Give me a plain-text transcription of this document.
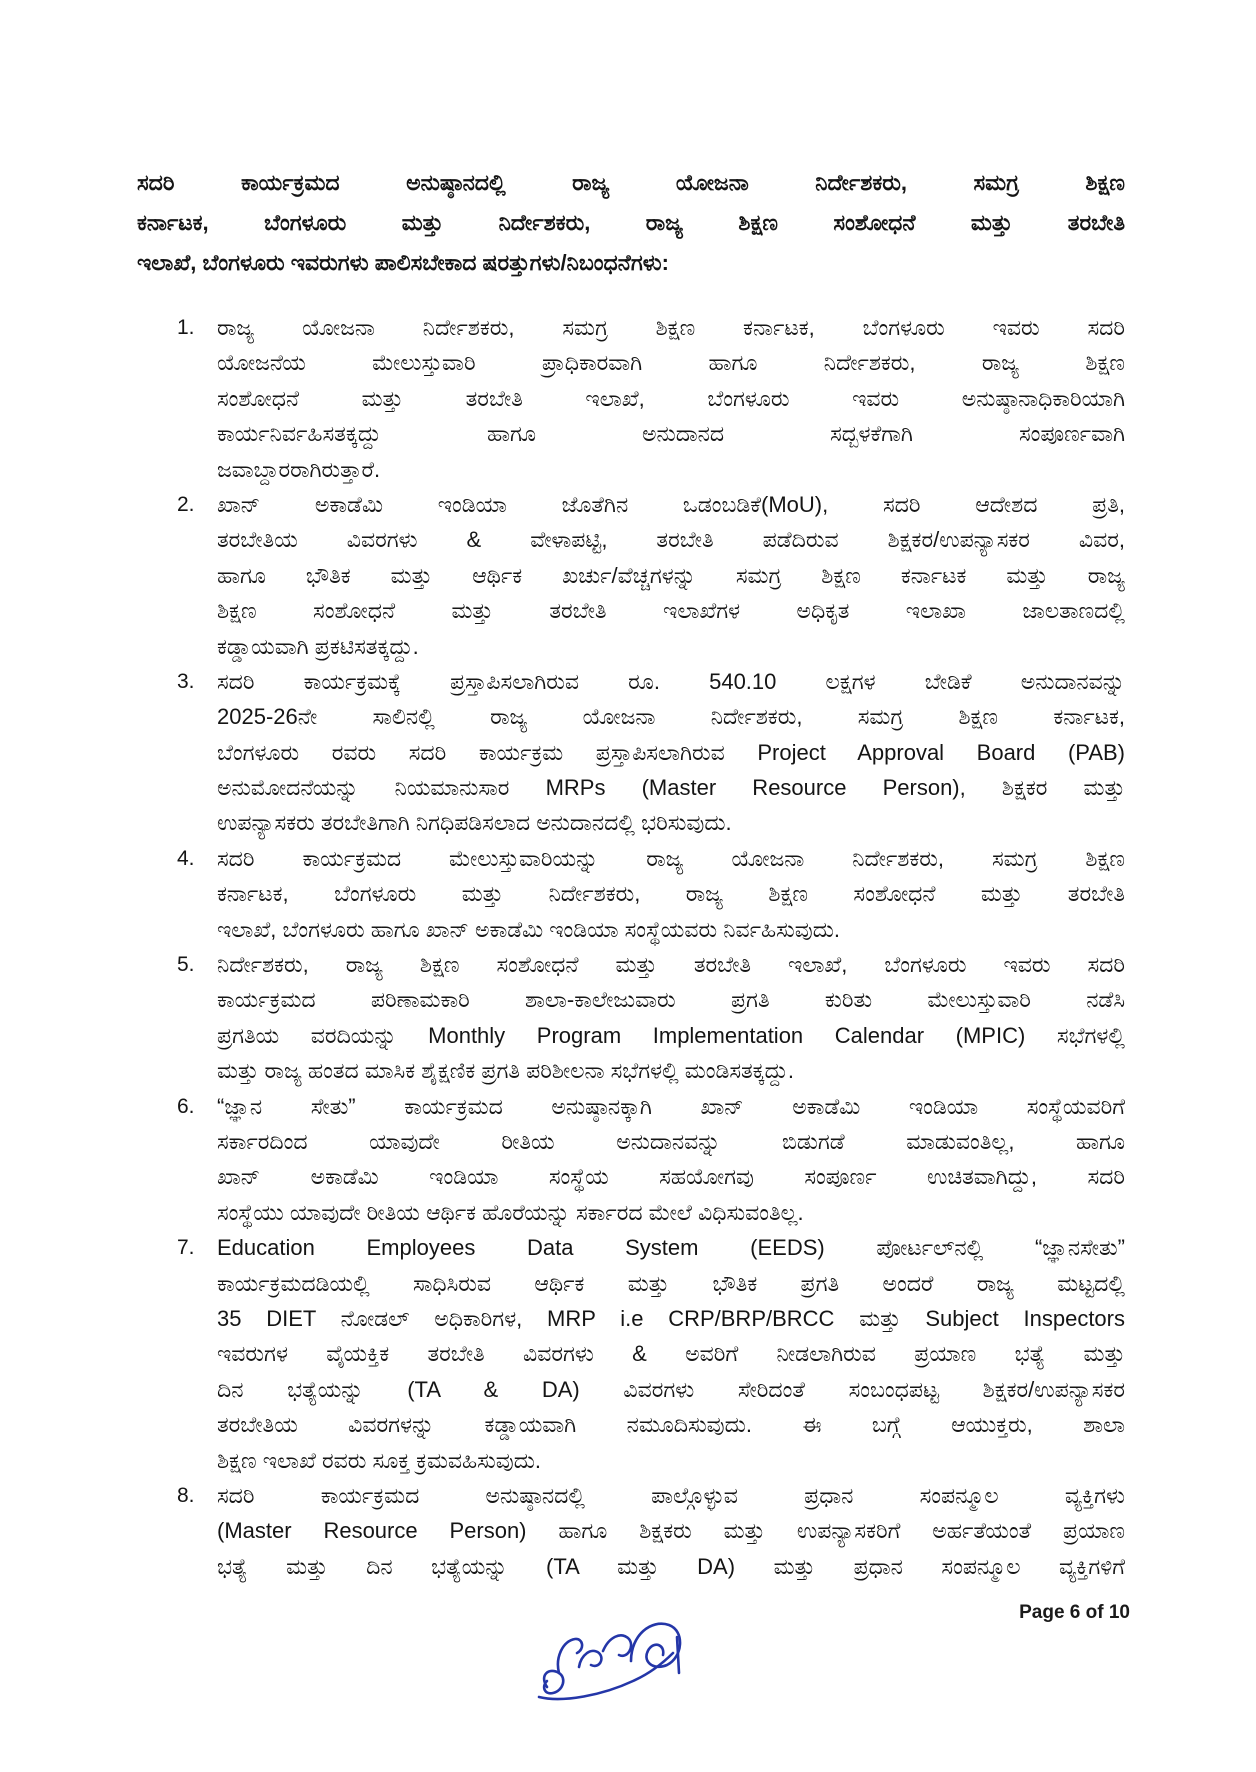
ಸದರಿ ಕಾರ್ಯಕ್ರಮದ ಅನುಷ್ಠಾನದಲ್ಲಿ ರಾಜ್ಯ ಯೋಜನಾ ನಿರ್ದೇಶಕರು, ಸಮಗ್ರ ಶಿಕ್ಷಣ
ಕರ್ನಾಟಕ, ಬೆಂಗಳೂರು ಮತ್ತು ನಿರ್ದೇಶಕರು, ರಾಜ್ಯ ಶಿಕ್ಷಣ ಸಂಶೋಧನೆ ಮತ್ತು ತರಬೇತಿ
ಇಲಾಖೆ, ಬೆಂಗಳೂರು ಇವರುಗಳು ಪಾಲಿಸಬೇಕಾದ ಷರತ್ತುಗಳು/ನಿಬಂಧನೆಗಳು:
1.	ರಾಜ್ಯ ಯೋಜನಾ ನಿರ್ದೇಶಕರು, ಸಮಗ್ರ ಶಿಕ್ಷಣ ಕರ್ನಾಟಕ, ಬೆಂಗಳೂರು ಇವರು ಸದರಿ
ಯೋಜನೆಯ ಮೇಲುಸ್ತುವಾರಿ ಪ್ರಾಧಿಕಾರವಾಗಿ ಹಾಗೂ ನಿರ್ದೇಶಕರು, ರಾಜ್ಯ ಶಿಕ್ಷಣ
ಸಂಶೋಧನೆ ಮತ್ತು ತರಬೇತಿ ಇಲಾಖೆ, ಬೆಂಗಳೂರು ಇವರು ಅನುಷ್ಠಾನಾಧಿಕಾರಿಯಾಗಿ
ಕಾರ್ಯನಿರ್ವಹಿಸತಕ್ಕದ್ದು ಹಾಗೂ ಅನುದಾನದ ಸದ್ಬಳಕೆಗಾಗಿ ಸಂಪೂರ್ಣವಾಗಿ
ಜವಾಬ್ದಾರರಾಗಿರುತ್ತಾರೆ.
2.	ಖಾನ್ ಅಕಾಡೆಮಿ ಇಂಡಿಯಾ ಜೊತೆಗಿನ ಒಡಂಬಡಿಕೆ(MoU), ಸದರಿ ಆದೇಶದ ಪ್ರತಿ,
ತರಬೇತಿಯ ವಿವರಗಳು & ವೇಳಾಪಟ್ಟಿ, ತರಬೇತಿ ಪಡೆದಿರುವ ಶಿಕ್ಷಕರ/ಉಪನ್ಯಾಸಕರ ವಿವರ,
ಹಾಗೂ ಭೌತಿಕ ಮತ್ತು ಆರ್ಥಿಕ ಖರ್ಚು/ವೆಚ್ಚಗಳನ್ನು ಸಮಗ್ರ ಶಿಕ್ಷಣ ಕರ್ನಾಟಕ ಮತ್ತು ರಾಜ್ಯ
ಶಿಕ್ಷಣ ಸಂಶೋಧನೆ ಮತ್ತು ತರಬೇತಿ ಇಲಾಖೆಗಳ ಅಧಿಕೃತ ಇಲಾಖಾ ಜಾಲತಾಣದಲ್ಲಿ
ಕಡ್ಡಾಯವಾಗಿ ಪ್ರಕಟಿಸತಕ್ಕದ್ದು.
3.	ಸದರಿ ಕಾರ್ಯಕ್ರಮಕ್ಕೆ ಪ್ರಸ್ತಾಪಿಸಲಾಗಿರುವ ರೂ. 540.10 ಲಕ್ಷಗಳ ಬೇಡಿಕೆ ಅನುದಾನವನ್ನು
2025-26ನೇ ಸಾಲಿನಲ್ಲಿ ರಾಜ್ಯ ಯೋಜನಾ ನಿರ್ದೇಶಕರು, ಸಮಗ್ರ ಶಿಕ್ಷಣ ಕರ್ನಾಟಕ,
ಬೆಂಗಳೂರು ರವರು ಸದರಿ ಕಾರ್ಯಕ್ರಮ ಪ್ರಸ್ತಾಪಿಸಲಾಗಿರುವ Project Approval Board (PAB)
ಅನುಮೋದನೆಯನ್ನು ನಿಯಮಾನುಸಾರ MRPs (Master Resource Person), ಶಿಕ್ಷಕರ ಮತ್ತು
ಉಪನ್ಯಾಸಕರು ತರಬೇತಿಗಾಗಿ ನಿಗಧಿಪಡಿಸಲಾದ ಅನುದಾನದಲ್ಲಿ ಭರಿಸುವುದು.
4.	ಸದರಿ ಕಾರ್ಯಕ್ರಮದ ಮೇಲುಸ್ತುವಾರಿಯನ್ನು ರಾಜ್ಯ ಯೋಜನಾ ನಿರ್ದೇಶಕರು, ಸಮಗ್ರ ಶಿಕ್ಷಣ
ಕರ್ನಾಟಕ, ಬೆಂಗಳೂರು ಮತ್ತು ನಿರ್ದೇಶಕರು, ರಾಜ್ಯ ಶಿಕ್ಷಣ ಸಂಶೋಧನೆ ಮತ್ತು ತರಬೇತಿ
ಇಲಾಖೆ, ಬೆಂಗಳೂರು ಹಾಗೂ ಖಾನ್ ಅಕಾಡೆಮಿ ಇಂಡಿಯಾ ಸಂಸ್ಥೆಯವರು ನಿರ್ವಹಿಸುವುದು.
5.	ನಿರ್ದೇಶಕರು, ರಾಜ್ಯ ಶಿಕ್ಷಣ ಸಂಶೋಧನೆ ಮತ್ತು ತರಬೇತಿ ಇಲಾಖೆ, ಬೆಂಗಳೂರು ಇವರು ಸದರಿ
ಕಾರ್ಯಕ್ರಮದ ಪರಿಣಾಮಕಾರಿ ಶಾಲಾ-ಕಾಲೇಜುವಾರು ಪ್ರಗತಿ ಕುರಿತು ಮೇಲುಸ್ತುವಾರಿ ನಡೆಸಿ
ಪ್ರಗತಿಯ ವರದಿಯನ್ನು Monthly Program Implementation Calendar (MPIC) ಸಭೆಗಳಲ್ಲಿ
ಮತ್ತು ರಾಜ್ಯ ಹಂತದ ಮಾಸಿಕ ಶೈಕ್ಷಣಿಕ ಪ್ರಗತಿ ಪರಿಶೀಲನಾ ಸಭೆಗಳಲ್ಲಿ ಮಂಡಿಸತಕ್ಕದ್ದು.
6.	“ಜ್ಞಾನ ಸೇತು” ಕಾರ್ಯಕ್ರಮದ ಅನುಷ್ಠಾನಕ್ಕಾಗಿ ಖಾನ್ ಅಕಾಡೆಮಿ ಇಂಡಿಯಾ ಸಂಸ್ಥೆಯವರಿಗೆ
ಸರ್ಕಾರದಿಂದ ಯಾವುದೇ ರೀತಿಯ ಅನುದಾನವನ್ನು ಬಿಡುಗಡೆ ಮಾಡುವಂತಿಲ್ಲ, ಹಾಗೂ
ಖಾನ್ ಅಕಾಡೆಮಿ ಇಂಡಿಯಾ ಸಂಸ್ಥೆಯ ಸಹಯೋಗವು ಸಂಪೂರ್ಣ ಉಚಿತವಾಗಿದ್ದು, ಸದರಿ
ಸಂಸ್ಥೆಯು ಯಾವುದೇ ರೀತಿಯ ಆರ್ಥಿಕ ಹೊರೆಯನ್ನು ಸರ್ಕಾರದ ಮೇಲೆ ವಿಧಿಸುವಂತಿಲ್ಲ.
7.	Education Employees Data System (EEDS) ಪೋರ್ಟಲ್‌ನಲ್ಲಿ “ಜ್ಞಾನಸೇತು”
ಕಾರ್ಯಕ್ರಮದಡಿಯಲ್ಲಿ ಸಾಧಿಸಿರುವ ಆರ್ಥಿಕ ಮತ್ತು ಭೌತಿಕ ಪ್ರಗತಿ ಅಂದರೆ ರಾಜ್ಯ ಮಟ್ಟದಲ್ಲಿ
35 DIET ನೋಡಲ್ ಅಧಿಕಾರಿಗಳ, MRP i.e CRP/BRP/BRCC ಮತ್ತು Subject Inspectors
ಇವರುಗಳ ವೈಯಕ್ತಿಕ ತರಬೇತಿ ವಿವರಗಳು & ಅವರಿಗೆ ನೀಡಲಾಗಿರುವ ಪ್ರಯಾಣ ಭತ್ಯೆ ಮತ್ತು
ದಿನ ಭತ್ಯೆಯನ್ನು (TA & DA) ವಿವರಗಳು ಸೇರಿದಂತೆ ಸಂಬಂಧಪಟ್ಟ ಶಿಕ್ಷಕರ/ಉಪನ್ಯಾಸಕರ
ತರಬೇತಿಯ ವಿವರಗಳನ್ನು ಕಡ್ಡಾಯವಾಗಿ ನಮೂದಿಸುವುದು. ಈ ಬಗ್ಗೆ ಆಯುಕ್ತರು, ಶಾಲಾ
ಶಿಕ್ಷಣ ಇಲಾಖೆ ರವರು ಸೂಕ್ತ ಕ್ರಮವಹಿಸುವುದು.
8.	ಸದರಿ ಕಾರ್ಯಕ್ರಮದ ಅನುಷ್ಠಾನದಲ್ಲಿ ಪಾಲ್ಗೊಳ್ಳುವ ಪ್ರಧಾನ ಸಂಪನ್ಮೂಲ ವ್ಯಕ್ತಿಗಳು
(Master Resource Person) ಹಾಗೂ ಶಿಕ್ಷಕರು ಮತ್ತು ಉಪನ್ಯಾಸಕರಿಗೆ ಅರ್ಹತೆಯಂತೆ ಪ್ರಯಾಣ
ಭತ್ಯೆ ಮತ್ತು ದಿನ ಭತ್ಯೆಯನ್ನು (TA ಮತ್ತು DA) ಮತ್ತು ಪ್ರಧಾನ ಸಂಪನ್ಮೂಲ ವ್ಯಕ್ತಿಗಳಿಗೆ
Page 6 of 10
